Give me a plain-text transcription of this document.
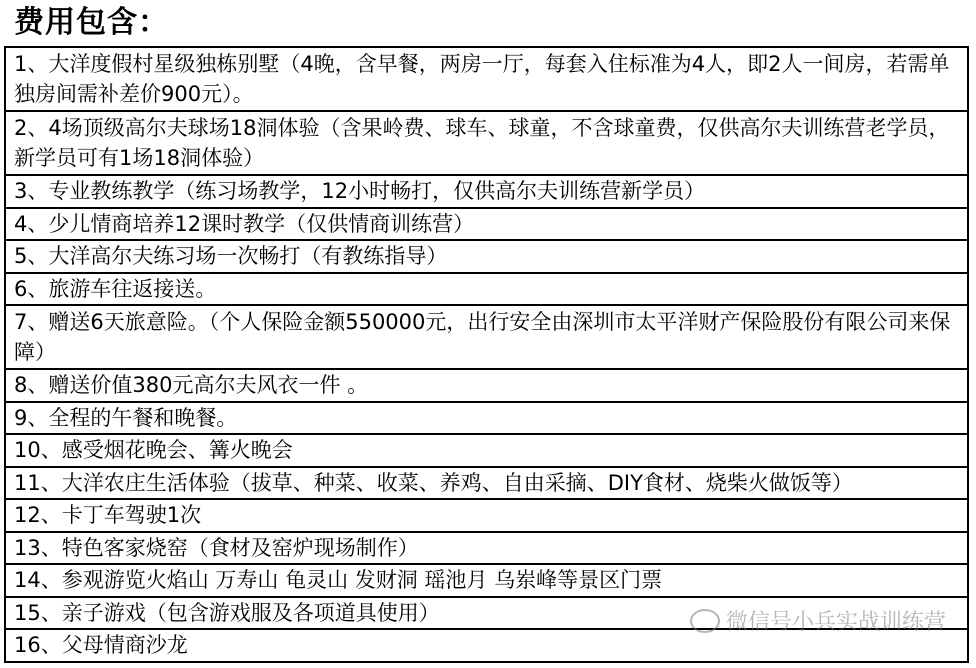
费用包含：
1、大洋度假村星级独栋别墅（4晚，含早餐，两房一厅，每套入住标准为4人，即2人一间房，若需单独房间需补差价900元）。
2、4场顶级高尔夫球场18洞体验（含果岭费、球车、球童，不含球童费，仅供高尔夫训练营老学员，新学员可有1场18洞体验）
3、专业教练教学（练习场教学，12小时畅打，仅供高尔夫训练营新学员）
4、少儿情商培养12课时教学（仅供情商训练营）
5、大洋高尔夫练习场一次畅打（有教练指导）
6、旅游车往返接送。
7、赠送6天旅意险。（个人保险金额550000元，出行安全由深圳市太平洋财产保险股份有限公司来保障）
8、赠送价值380元高尔夫风衣一件 。
9、全程的午餐和晚餐。
10、感受烟花晚会、篝火晚会
11、大洋农庄生活体验（拔草、种菜、收菜、养鸡、自由采摘、DIY食材、烧柴火做饭等）
12、卡丁车驾驶1次
13、特色客家烧窑（食材及窑炉现场制作）
14、参观游览火焰山 万寿山 龟灵山 发财洞 瑶池月 乌岽峰等景区门票
15、亲子游戏（包含游戏服及各项道具使用）
16、父母情商沙龙
微信号小兵实战训练营
